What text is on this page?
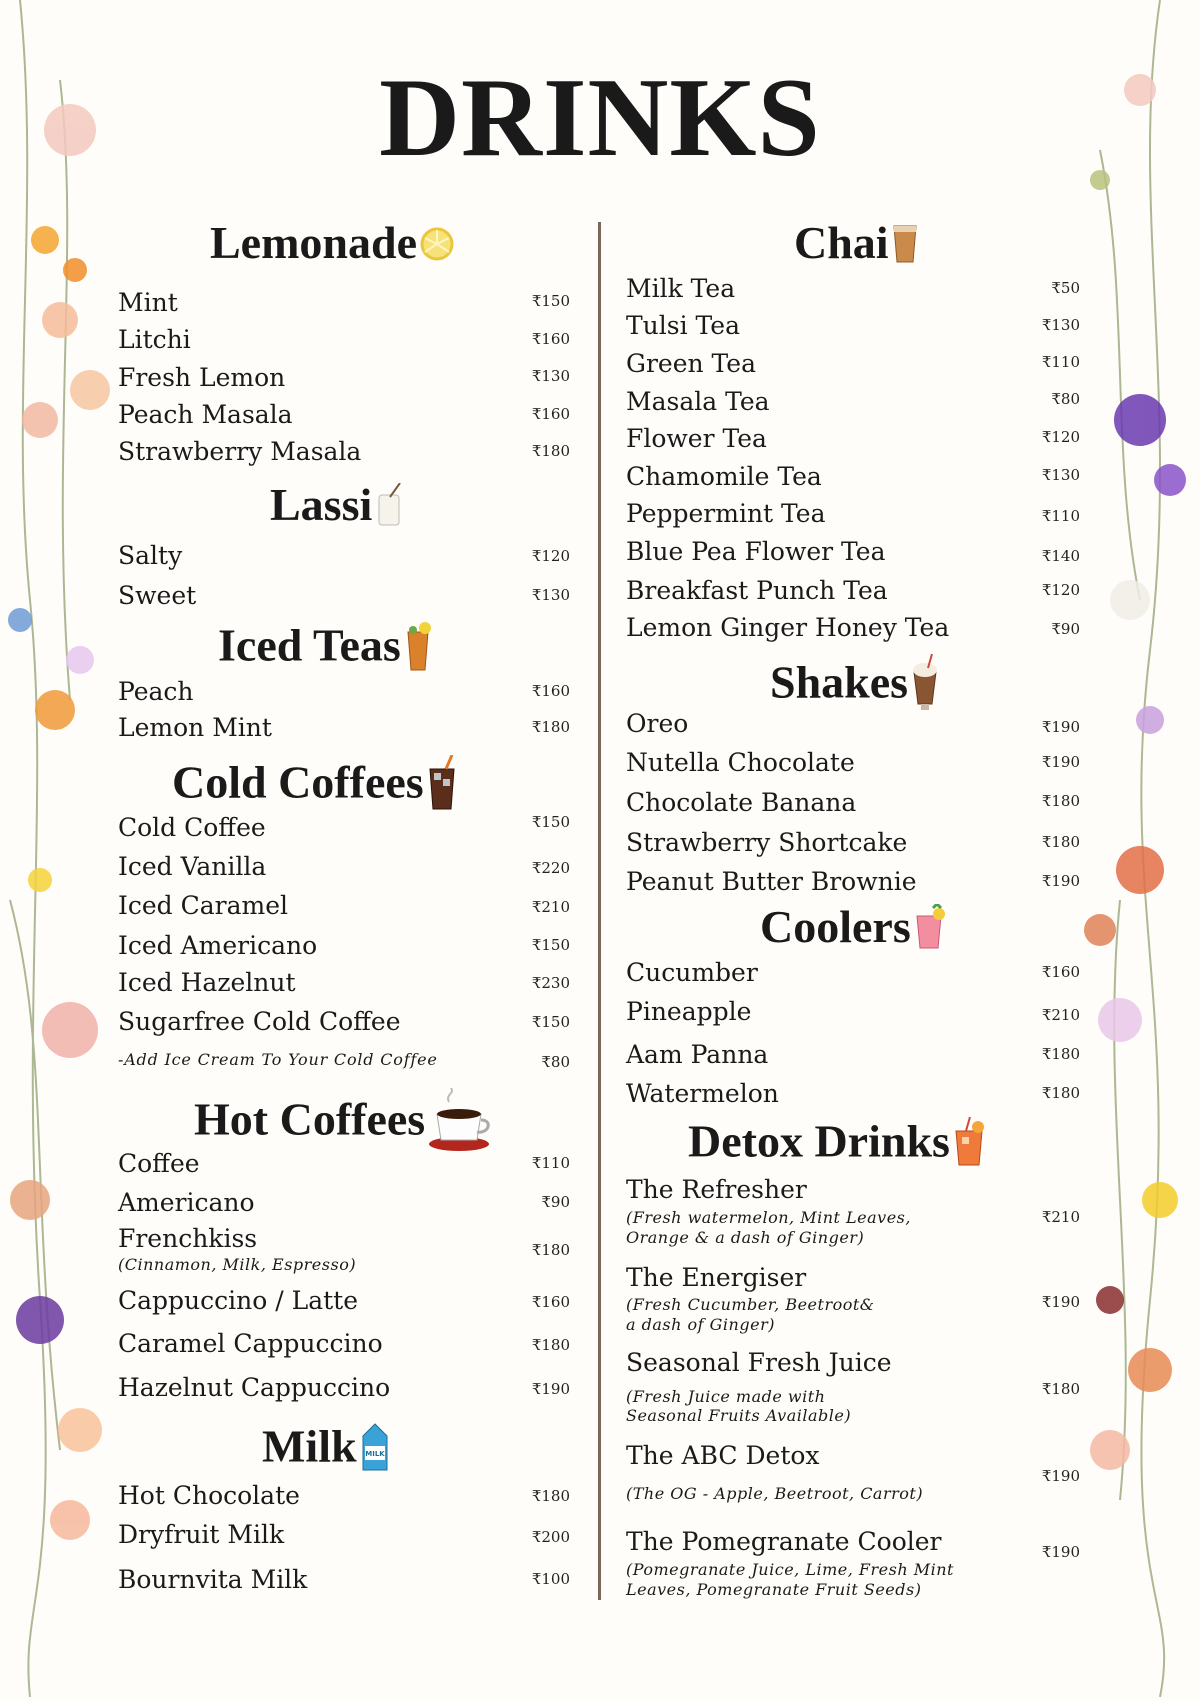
DRINKS
Lemonade
Mint	₹150
Litchi	₹160
Fresh Lemon	₹130
Peach Masala	₹160
Strawberry Masala	₹180
Lassi
Salty	₹120
Sweet	₹130
Iced Teas
Peach	₹160
Lemon Mint	₹180
Cold Coffees
Cold Coffee	₹150
Iced Vanilla	₹220
Iced Caramel	₹210
Iced Americano	₹150
Iced Hazelnut	₹230
Sugarfree Cold Coffee	₹150
-Add Ice Cream To Your Cold Coffee	₹80
Hot Coffees
Coffee	₹110
Americano	₹90
Frenchkiss
(Cinnamon, Milk, Espresso)
₹180
Cappuccino / Latte	₹160
Caramel Cappuccino	₹180
Hazelnut Cappuccino	₹190
Milk MILK
Hot Chocolate	₹180
Dryfruit Milk	₹200
Bournvita Milk	₹100
Chai
Milk Tea	₹50
Tulsi Tea	₹130
Green Tea	₹110
Masala Tea	₹80
Flower Tea	₹120
Chamomile Tea	₹130
Peppermint Tea	₹110
Blue Pea Flower Tea	₹140
Breakfast Punch Tea	₹120
Lemon Ginger Honey Tea	₹90
Shakes
Oreo	₹190
Nutella Chocolate	₹190
Chocolate Banana	₹180
Strawberry Shortcake	₹180
Peanut Butter Brownie	₹190
Coolers
Cucumber	₹160
Pineapple	₹210
Aam Panna	₹180
Watermelon	₹180
Detox Drinks
The Refresher
(Fresh watermelon, Mint Leaves,
Orange & a dash of Ginger)
₹210
The Energiser
(Fresh Cucumber, Beetroot&
a dash of Ginger)
₹190
Seasonal Fresh Juice
(Fresh Juice made with
Seasonal Fruits Available)
₹180
The ABC Detox
(The OG - Apple, Beetroot, Carrot)
₹190
The Pomegranate Cooler
(Pomegranate Juice, Lime, Fresh Mint
Leaves, Pomegranate Fruit Seeds)
₹190
